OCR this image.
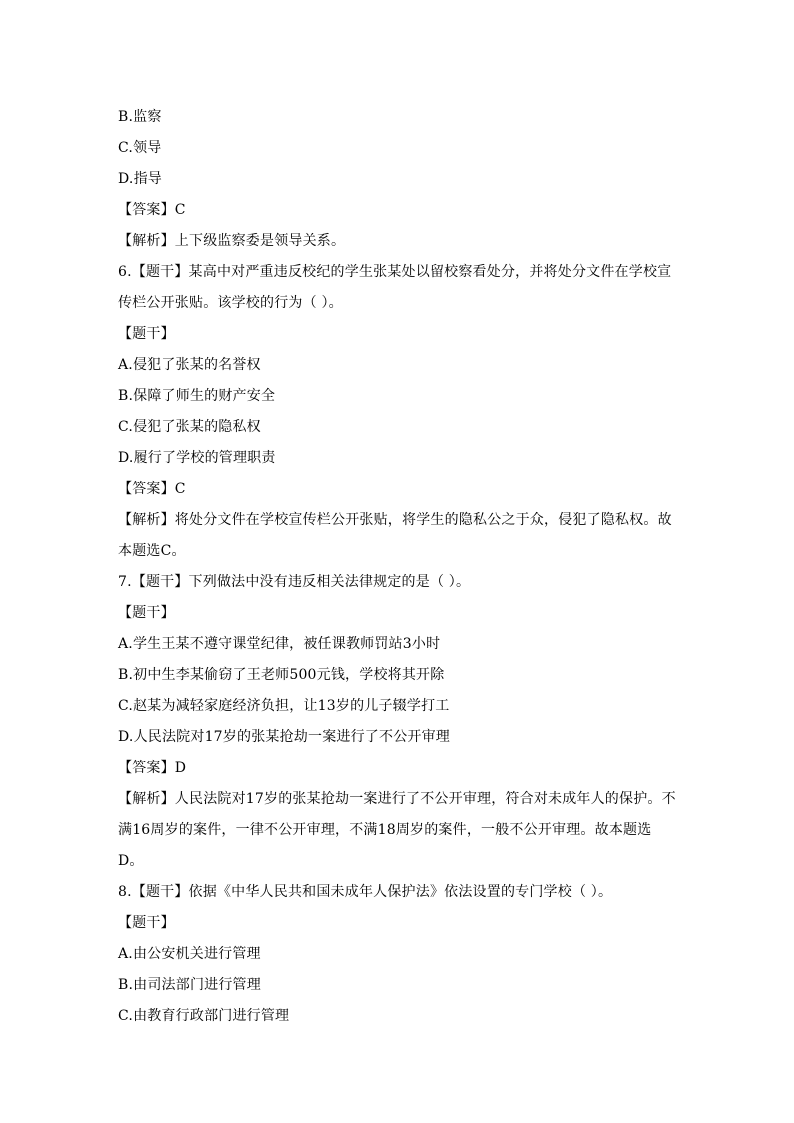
B.监察
C.领导
D.指导
【答案】C
【解析】上下级监察委是领导关系。
6.【题干】某高中对严重违反校纪的学生张某处以留校察看处分，并将处分文件在学校宣
传栏公开张贴。该学校的行为（ ）。
【题干】
A.侵犯了张某的名誉权
B.保障了师生的财产安全
C.侵犯了张某的隐私权
D.履行了学校的管理职责
【答案】C
【解析】将处分文件在学校宣传栏公开张贴，将学生的隐私公之于众，侵犯了隐私权。故
本题选C。
7.【题干】下列做法中没有违反相关法律规定的是（ ）。
【题干】
A.学生王某不遵守课堂纪律，被任课教师罚站3小时
B.初中生李某偷窃了王老师500元钱，学校将其开除
C.赵某为减轻家庭经济负担，让13岁的儿子辍学打工
D.人民法院对17岁的张某抢劫一案进行了不公开审理
【答案】D
【解析】人民法院对17岁的张某抢劫一案进行了不公开审理，符合对未成年人的保护。不
满16周岁的案件，一律不公开审理，不满18周岁的案件，一般不公开审理。故本题选
D。
8.【题干】依据《中华人民共和国未成年人保护法》依法设置的专门学校（ ）。
【题干】
A.由公安机关进行管理
B.由司法部门进行管理
C.由教育行政部门进行管理
